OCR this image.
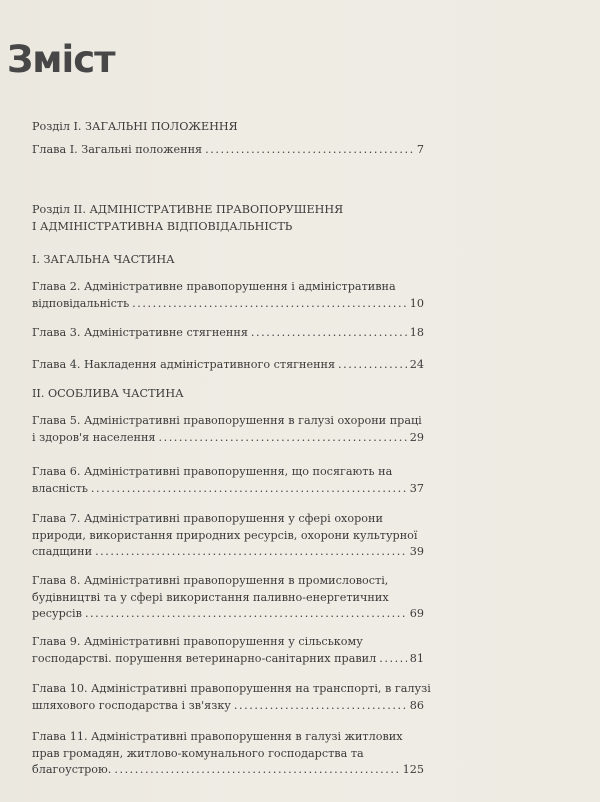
Зміст
Розділ I. ЗАГАЛЬНІ ПОЛОЖЕННЯ
Розділ II. АДМІНІСТРАТИВНЕ ПРАВОПОРУШЕННЯ
І АДМІНІСТРАТИВНА ВІДПОВІДАЛЬНІСТЬ
I. ЗАГАЛЬНА ЧАСТИНА
II. ОСОБЛИВА ЧАСТИНА
Глава I. Загальні положення . . .	7
Глава 2. Адміністративне правопорушення і адміністративна
відповідальність . . .	10
Глава 3. Адміністративне стягнення . . .	18
Глава 4. Накладення адміністративного стягнення . . .	24
Глава 5. Адміністративні правопорушення в галузі охорони праці
і здоров'я населення . . .	29
Глава 6. Адміністративні правопорушення, що посягають на
власність . . .	37
Глава 7. Адміністративні правопорушення у сфері охорони
природи, використання природних ресурсів, охорони культурної
спадщини . . .	39
Глава 8. Адміністративні правопорушення в промисловості,
будівництві та у сфері використання паливно-енергетичних
ресурсів . . .	69
Глава 9. Адміністративні правопорушення у сільському
господарстві. порушення ветеринарно-санітарних правил . . .	81
Глава 10. Адміністративні правопорушення на транспорті, в галузі
шляхового господарства і зв'язку . . .	86
Глава 11. Адміністративні правопорушення в галузі житлових
прав громадян, житлово-комунального господарства та
благоустрою. . . .	125
